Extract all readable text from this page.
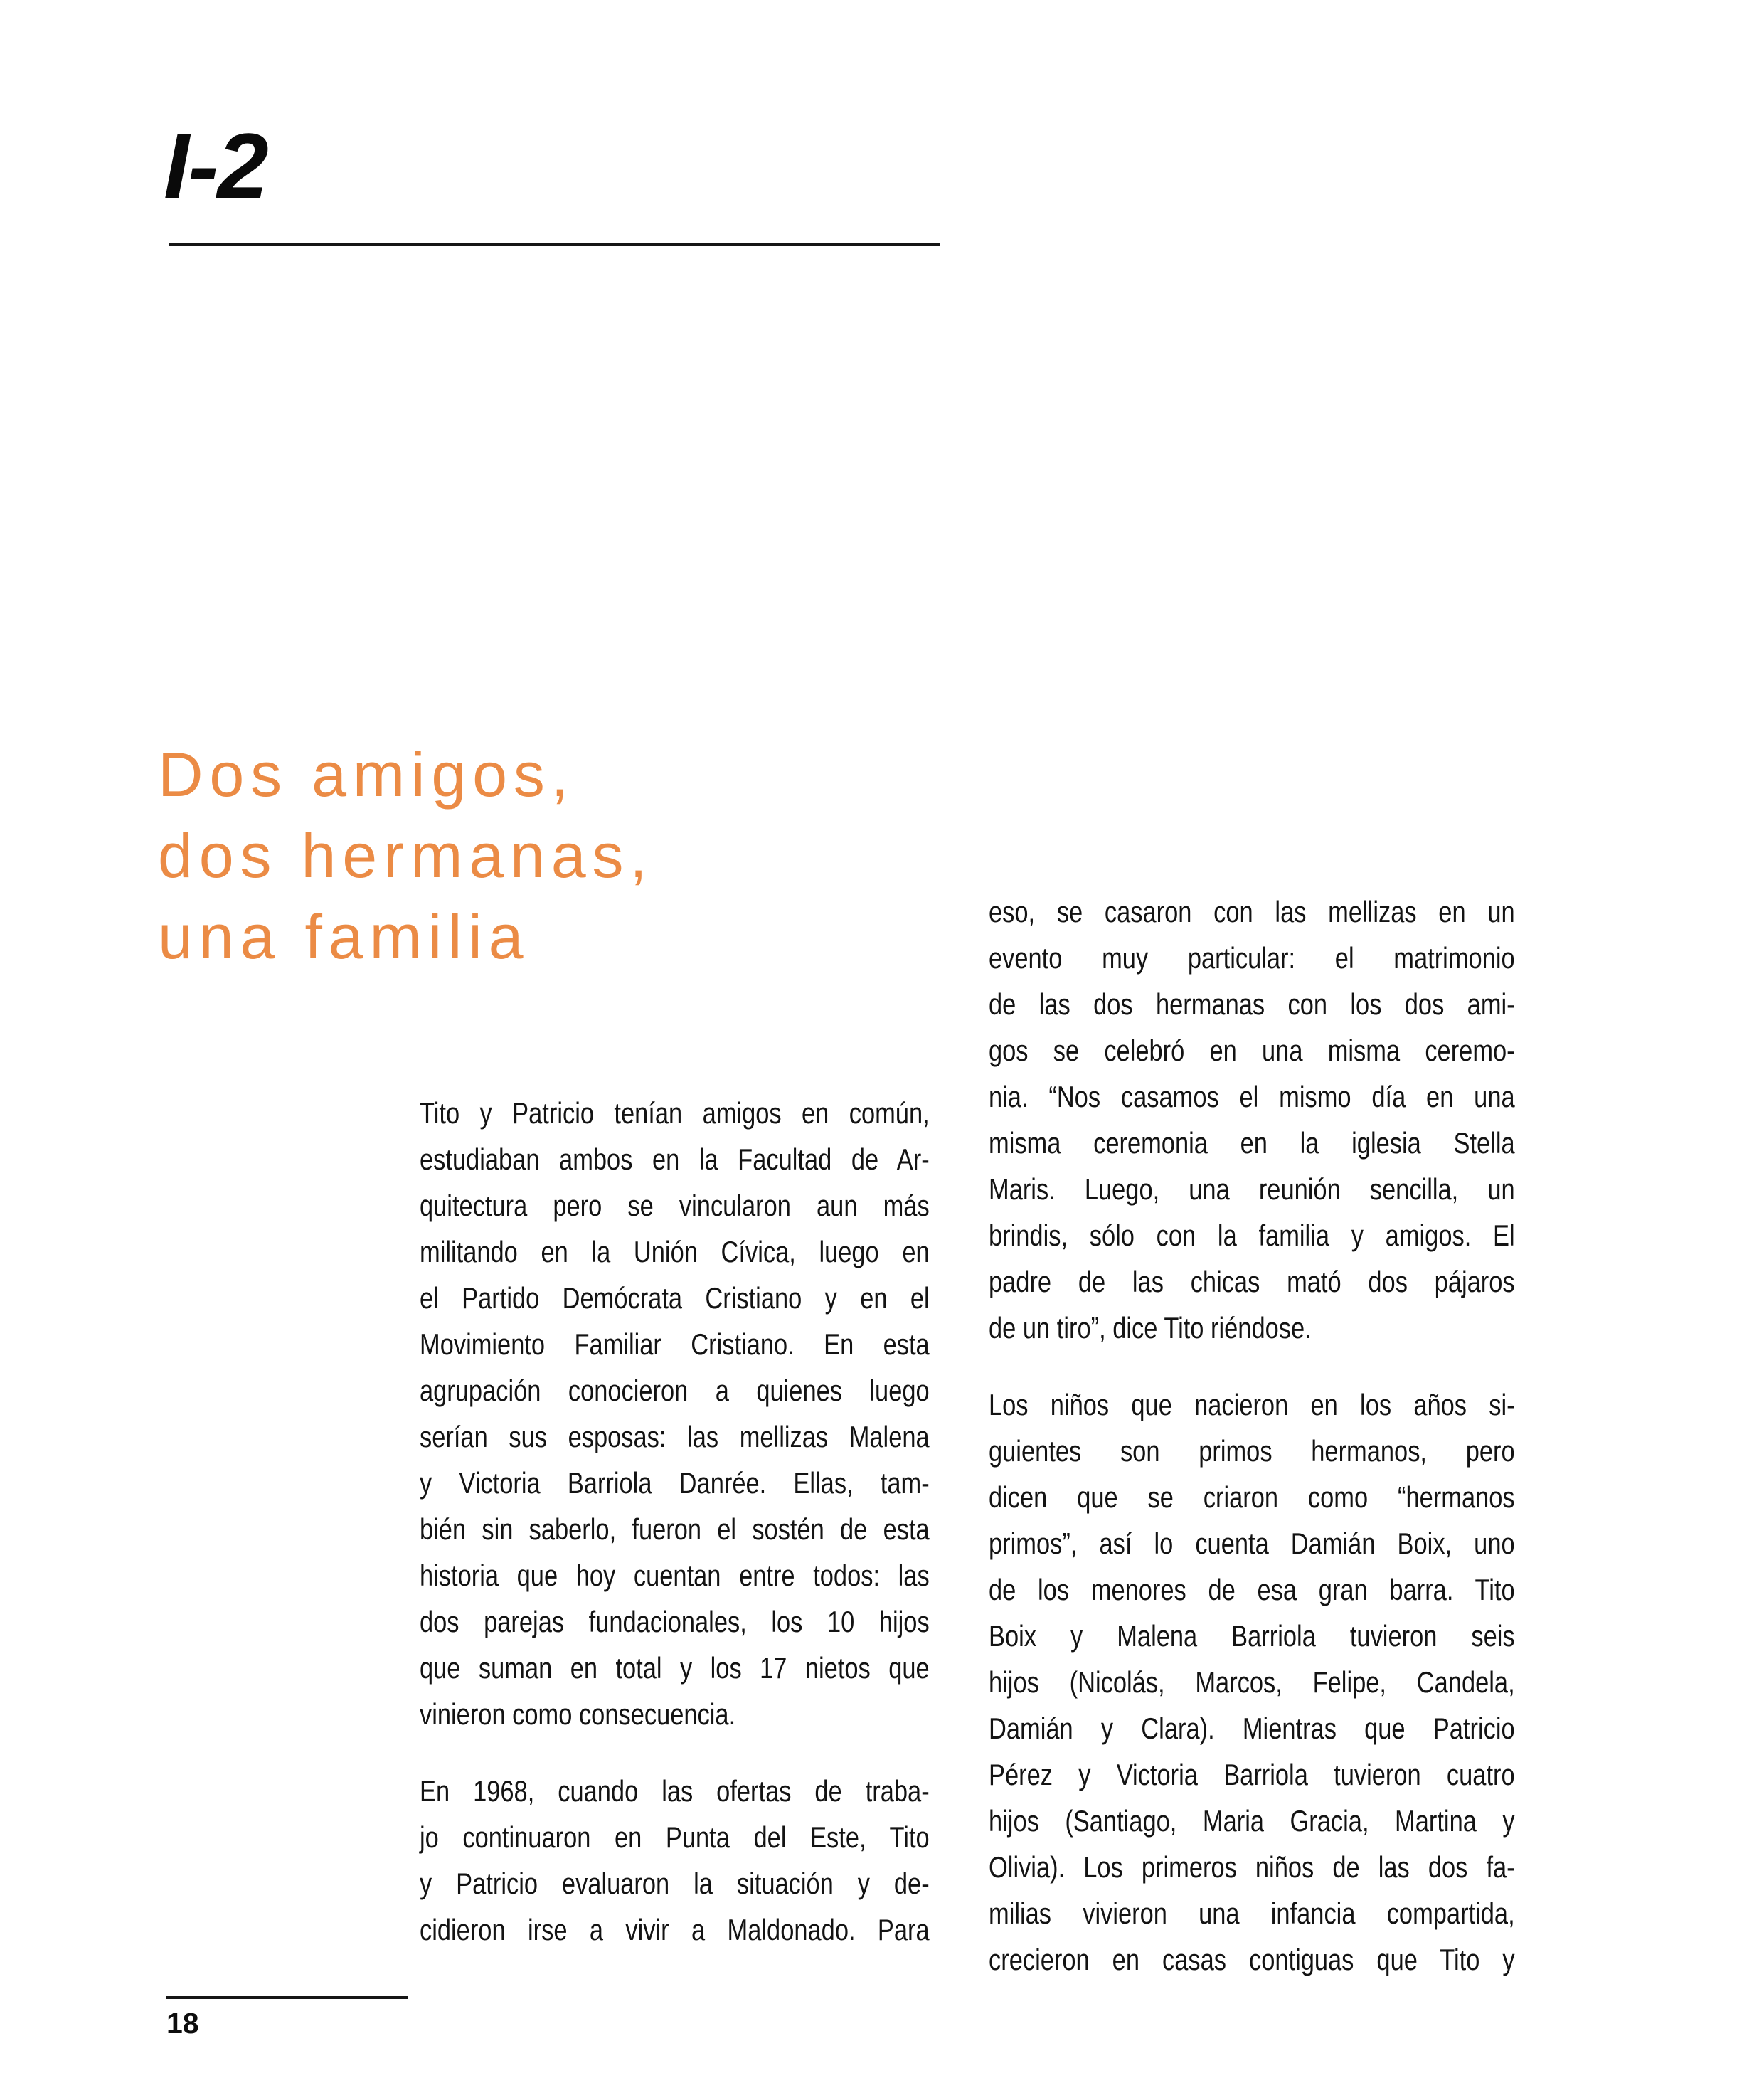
I-2
Dos amigos,
dos hermanas,
una familia
Tito y Patricio tenían amigos en común,
estudiaban ambos en la Facultad de Ar-
quitectura pero se vincularon aun más
militando en la Unión Cívica, luego en
el Partido Demócrata Cristiano y en el
Movimiento Familiar Cristiano. En esta
agrupación conocieron a quienes luego
serían sus esposas: las mellizas Malena
y Victoria Barriola Danrée. Ellas, tam-
bién sin saberlo, fueron el sostén de esta
historia que hoy cuentan entre todos: las
dos parejas fundacionales, los 10 hijos
que suman en total y los 17 nietos que
vinieron como consecuencia.
En 1968, cuando las ofertas de traba-
jo continuaron en Punta del Este, Tito
y Patricio evaluaron la situación y de-
cidieron irse a vivir a Maldonado. Para
eso, se casaron con las mellizas en un
evento muy particular: el matrimonio
de las dos hermanas con los dos ami-
gos se celebró en una misma ceremo-
nia. “Nos casamos el mismo día en una
misma ceremonia en la iglesia Stella
Maris. Luego, una reunión sencilla, un
brindis, sólo con la familia y amigos. El
padre de las chicas mató dos pájaros
de un tiro”, dice Tito riéndose.
Los niños que nacieron en los años si-
guientes son primos hermanos, pero
dicen que se criaron como “hermanos
primos”, así lo cuenta Damián Boix, uno
de los menores de esa gran barra. Tito
Boix y Malena Barriola tuvieron seis
hijos (Nicolás, Marcos, Felipe, Candela,
Damián y Clara). Mientras que Patricio
Pérez y Victoria Barriola tuvieron cuatro
hijos (Santiago, Maria Gracia, Martina y
Olivia). Los primeros niños de las dos fa-
milias vivieron una infancia compartida,
crecieron en casas contiguas que Tito y
18
